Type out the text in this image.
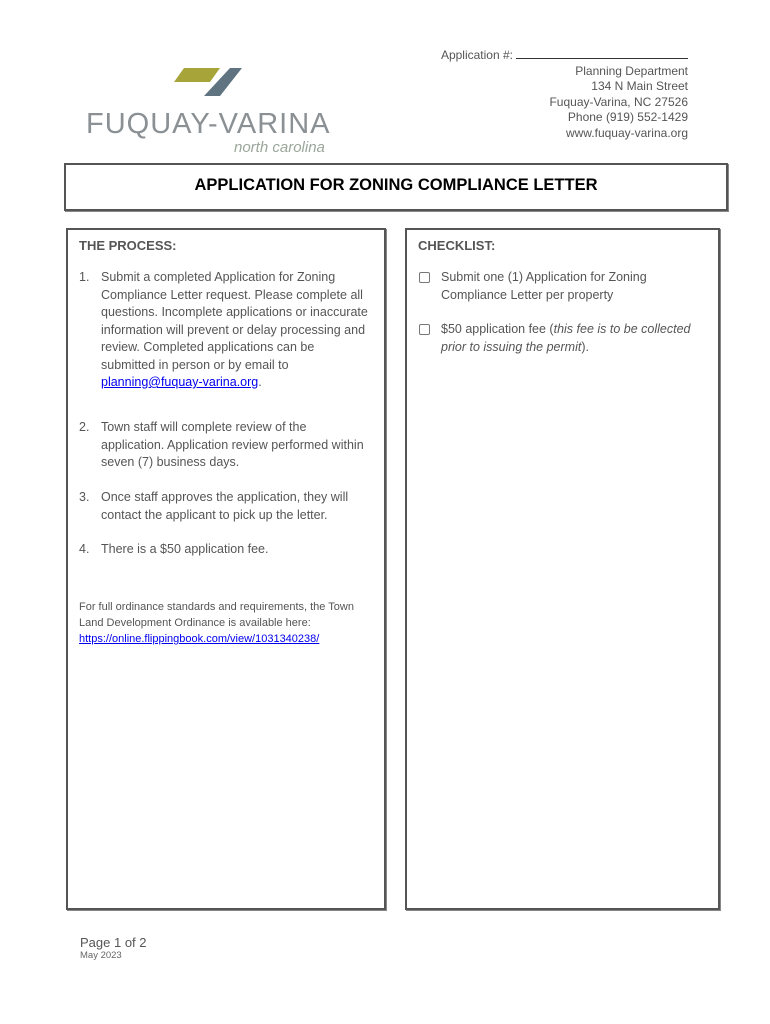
FUQUAY-VARINA
north carolina
Application #:
Planning Department
134 N Main Street
Fuquay-Varina, NC 27526
Phone (919) 552-1429
www.fuquay-varina.org
APPLICATION FOR ZONING COMPLIANCE LETTER
THE PROCESS:
1. Submit a completed Application for Zoning Compliance Letter request. Please complete all questions. Incomplete applications or inaccurate information will prevent or delay processing and review. Completed applications can be submitted in person or by email to planning@fuquay-varina.org.
2. Town staff will complete review of the application. Application review performed within seven (7) business days.
3. Once staff approves the application, they will contact the applicant to pick up the letter.
4. There is a $50 application fee.
For full ordinance standards and requirements, the Town Land Development Ordinance is available here:
https://online.flippingbook.com/view/1031340238/
CHECKLIST:
Submit one (1) Application for Zoning Compliance Letter per property
$50 application fee (this fee is to be collected prior to issuing the permit).
Page 1 of 2
May 2023
